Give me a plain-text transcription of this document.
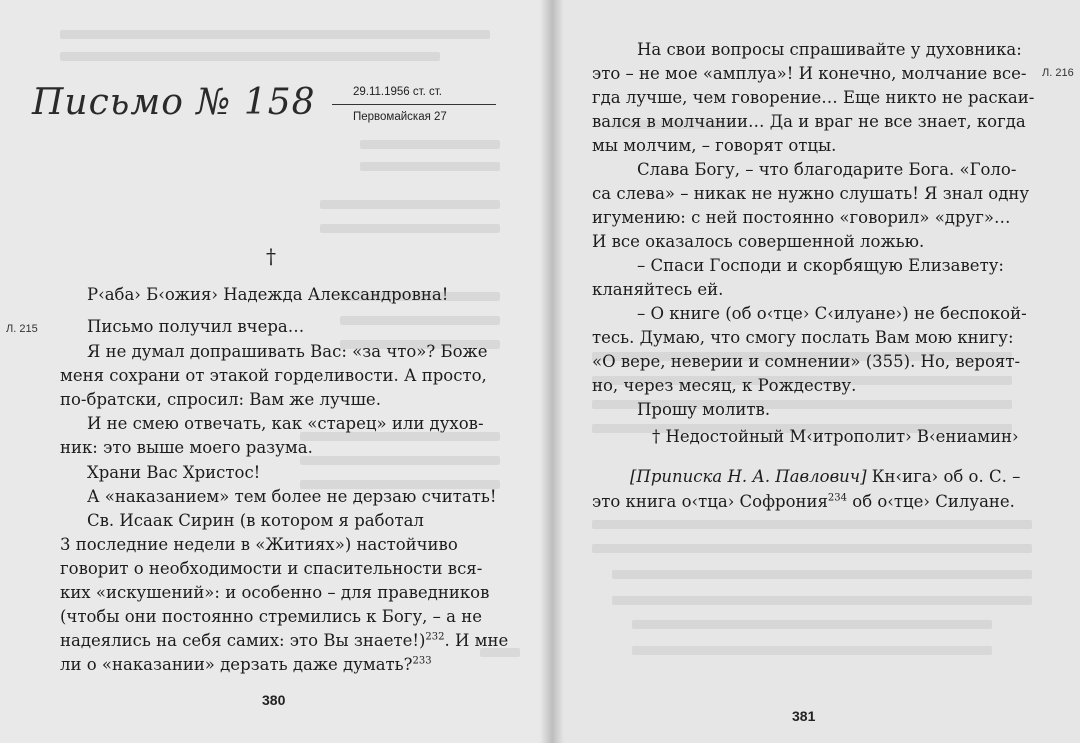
Письмо № 158	29.11.1956 ст. ст.
Первомайская 27
†
Л. 215
Р‹аба› Б‹ожия› Надежда Александровна!
Письмо получил вчера…
Я не думал допрашивать Вас: «за что»? Боже
меня сохрани от этакой горделивости. А просто,
по-братски, спросил: Вам же лучше.
И не смею отвечать, как «старец» или духов-
ник: это выше моего разума.
Храни Вас Христос!
А «наказанием» тем более не дерзаю считать!
Св. Исаак Сирин (в котором я работал
3 последние недели в «Житиях») настойчиво
говорит о необходимости и спасительности вся-
ких «искушений»: и особенно – для праведников
(чтобы они постоянно стремились к Богу, – а не
надеялись на себя самих: это Вы знаете!)$^{232}$. И мне
ли о «наказании» дерзать даже думать?$^{233}$
380
Л. 216
На свои вопросы спрашивайте у духовника:
это – не мое «амплуа»! И конечно, молчание все-
гда лучше, чем говорение… Еще никто не раскаи-
вался в молчании… Да и враг не все знает, когда
мы молчим, – говорят отцы.
Слава Богу, – что благодарите Бога. «Голо-
са слева» – никак не нужно слушать! Я знал одну
игумению: с ней постоянно «говорил» «друг»…
И все оказалось совершенной ложью.
– Спаси Господи и скорбящую Елизавету:
кланяйтесь ей.
– О книге (об о‹тце› С‹илуане›) не беспокой-
тесь. Думаю, что смогу послать Вам мою книгу:
«О вере, неверии и сомнении» (355). Но, вероят-
но, через месяц, к Рождеству.
Прошу молитв.
† Недостойный М‹итрополит› В‹ениамин›
[Приписка Н. А. Павлович] Кн‹ига› об о. С. –
это книга о‹тца› Софрония$^{234}$ об о‹тце› Силуане.
381
